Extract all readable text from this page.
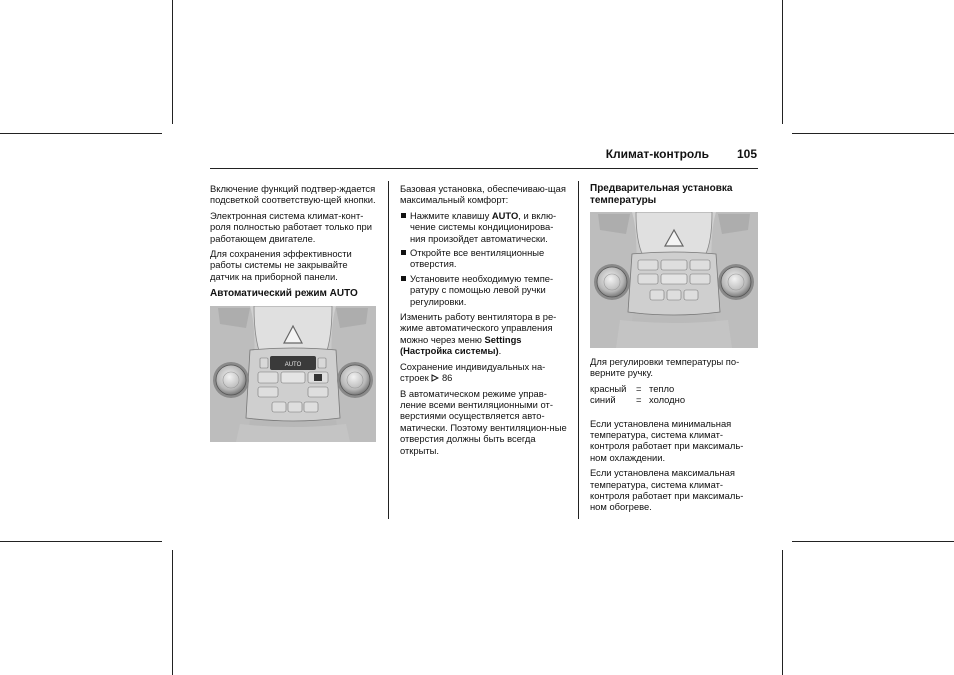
Климат-контроль 105

Включение функций подтвер-ждается подсветкой соответствую-щей кнопки.

Электронная система климат-конт-роля полностью работает только при работающем двигателе.

Для сохранения эффективности работы системы не закрывайте датчик на приборной панели.

Автоматический режим AUTO
AUTO

Базовая установка, обеспечиваю-щая максимальный комфорт:

Нажмите клавишу AUTO, и вклю-чение системы кондиционирова-ния произойдет автоматически.
Откройте все вентиляционные отверстия.
Установите необходимую темпе-ратуру с помощью левой ручки регулировки.

Изменить работу вентилятора в ре-жиме автоматического управления можно через меню Settings (Настройка системы).

Сохранение индивидуальных на-строек 86

В автоматическом режиме управ-ление всеми вентиляционными от-верстиями осуществляется авто-матически. Поэтому вентиляцион-ные отверстия должны быть всегда открыты.

Предварительная установка температуры

Для регулировки температуры по-верните ручку.

красный	= тепло
синий	= холодно

Если установлена минимальная температура, система климат-контроля работает при максималь-ном охлаждении.

Если установлена максимальная температура, система климат-контроля работает при максималь-ном обогреве.
